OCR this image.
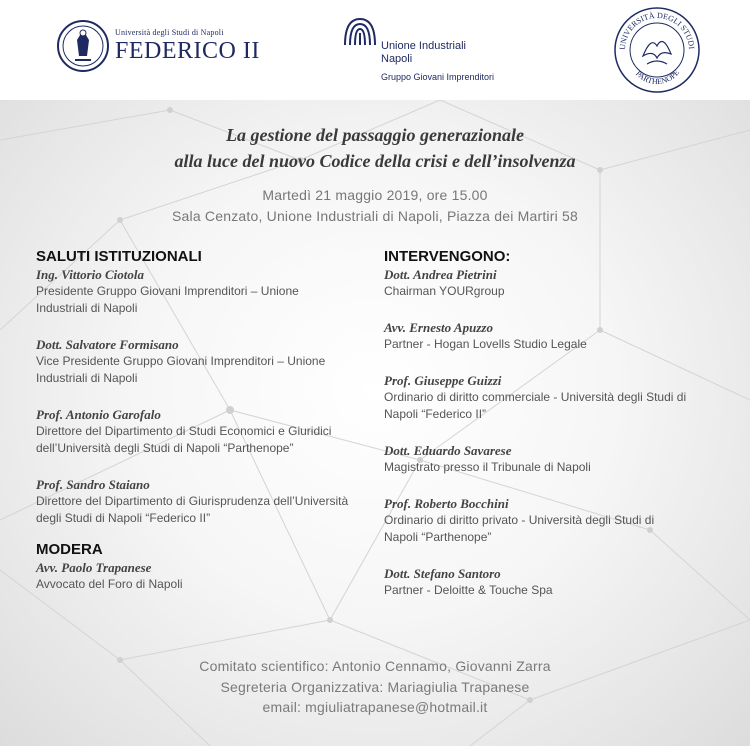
Università degli Studi di Napoli
FEDERICO II	Unione Industriali
Napoli
Gruppo Giovani Imprenditori
UNIVERSITÀ DEGLI STUDI
PARTHENOPE
La gestione del passaggio generazionale
alla luce del nuovo Codice della crisi e dell’insolvenza
Martedì 21 maggio 2019, ore 15.00
Sala Cenzato, Unione Industriali di Napoli, Piazza dei Martiri 58
SALUTI ISTITUZIONALI
Ing. Vittorio Ciotola
Presidente Gruppo Giovani Imprenditori – Unione
Industriali di Napoli
Dott. Salvatore Formisano
Vice Presidente Gruppo Giovani Imprenditori – Unione
Industriali di Napoli
Prof. Antonio Garofalo
Direttore del Dipartimento di Studi Economici e Giuridici
dell’Università degli Studi di Napoli “Parthenope”
Prof. Sandro Staiano
Direttore del Dipartimento di Giurisprudenza dell’Università
degli Studi di Napoli “Federico II”
MODERA
Avv. Paolo Trapanese
Avvocato del Foro di Napoli
INTERVENGONO:
Dott. Andrea Pietrini
Chairman YOURgroup
Avv. Ernesto Apuzzo
Partner - Hogan Lovells Studio Legale
Prof. Giuseppe Guizzi
Ordinario di diritto commerciale - Università degli Studi di
Napoli “Federico II”
Dott. Eduardo Savarese
Magistrato presso il Tribunale di Napoli
Prof. Roberto Bocchini
Ordinario di diritto privato - Università degli Studi di
Napoli “Parthenope”
Dott. Stefano Santoro
Partner - Deloitte & Touche Spa
Comitato scientifico: Antonio Cennamo, Giovanni Zarra
Segreteria Organizzativa: Mariagiulia Trapanese
email: mgiuliatrapanese@hotmail.it
